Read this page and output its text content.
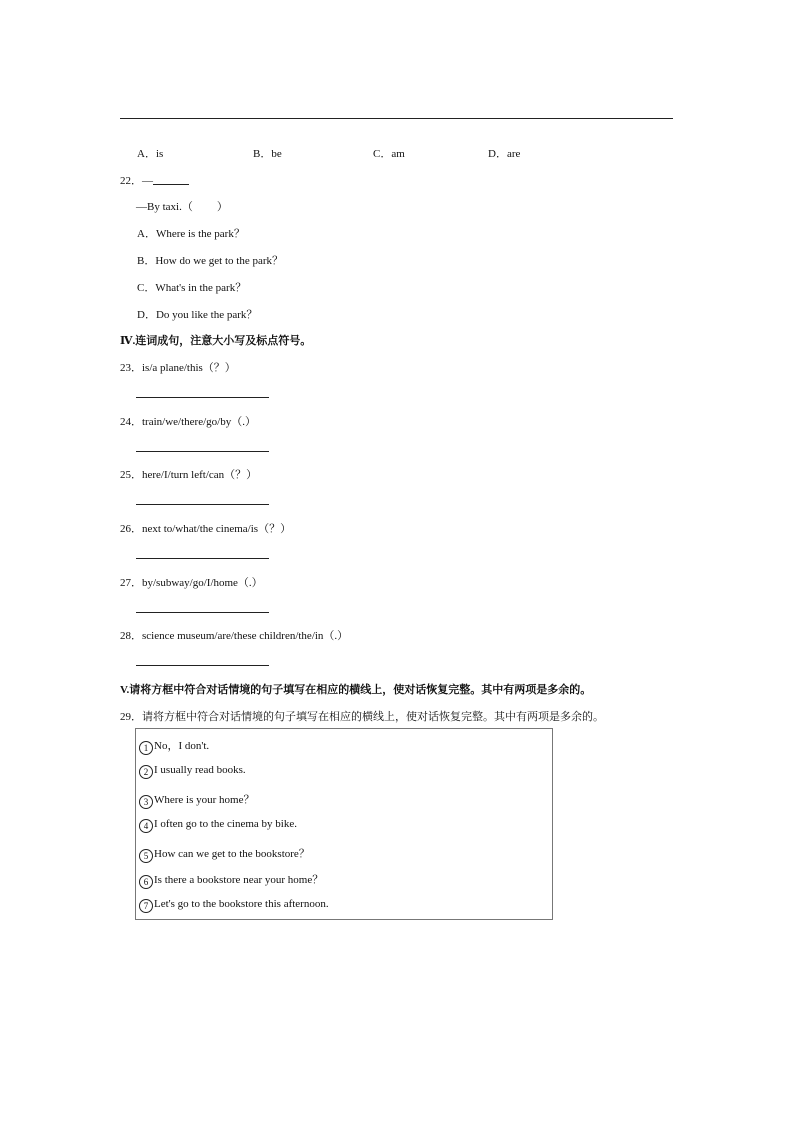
A．is	B．be	C．am	D．are
22．—
—By taxi.（ ）
A．Where is the park？
B．How do we get to the park？
C．What's in the park？
D．Do you like the park？
Ⅳ.连词成句，注意大小写及标点符号。
23．is/a plane/this（？）
24．train/we/there/go/by（.）
25．here/I/turn left/can（？）
26．next to/what/the cinema/is（？）
27．by/subway/go/I/home（.）
28．science museum/are/these children/the/in（.）
V.请将方框中符合对话情境的句子填写在相应的横线上，使对话恢复完整。其中有两项是多余的。
29．请将方框中符合对话情境的句子填写在相应的横线上，使对话恢复完整。其中有两项是多余的。
1 No，I don't.
2 I usually read books.
3 Where is your home？
4 I often go to the cinema by bike.
5 How can we get to the bookstore？
6 Is there a bookstore near your home？
7 Let's go to the bookstore this afternoon.
